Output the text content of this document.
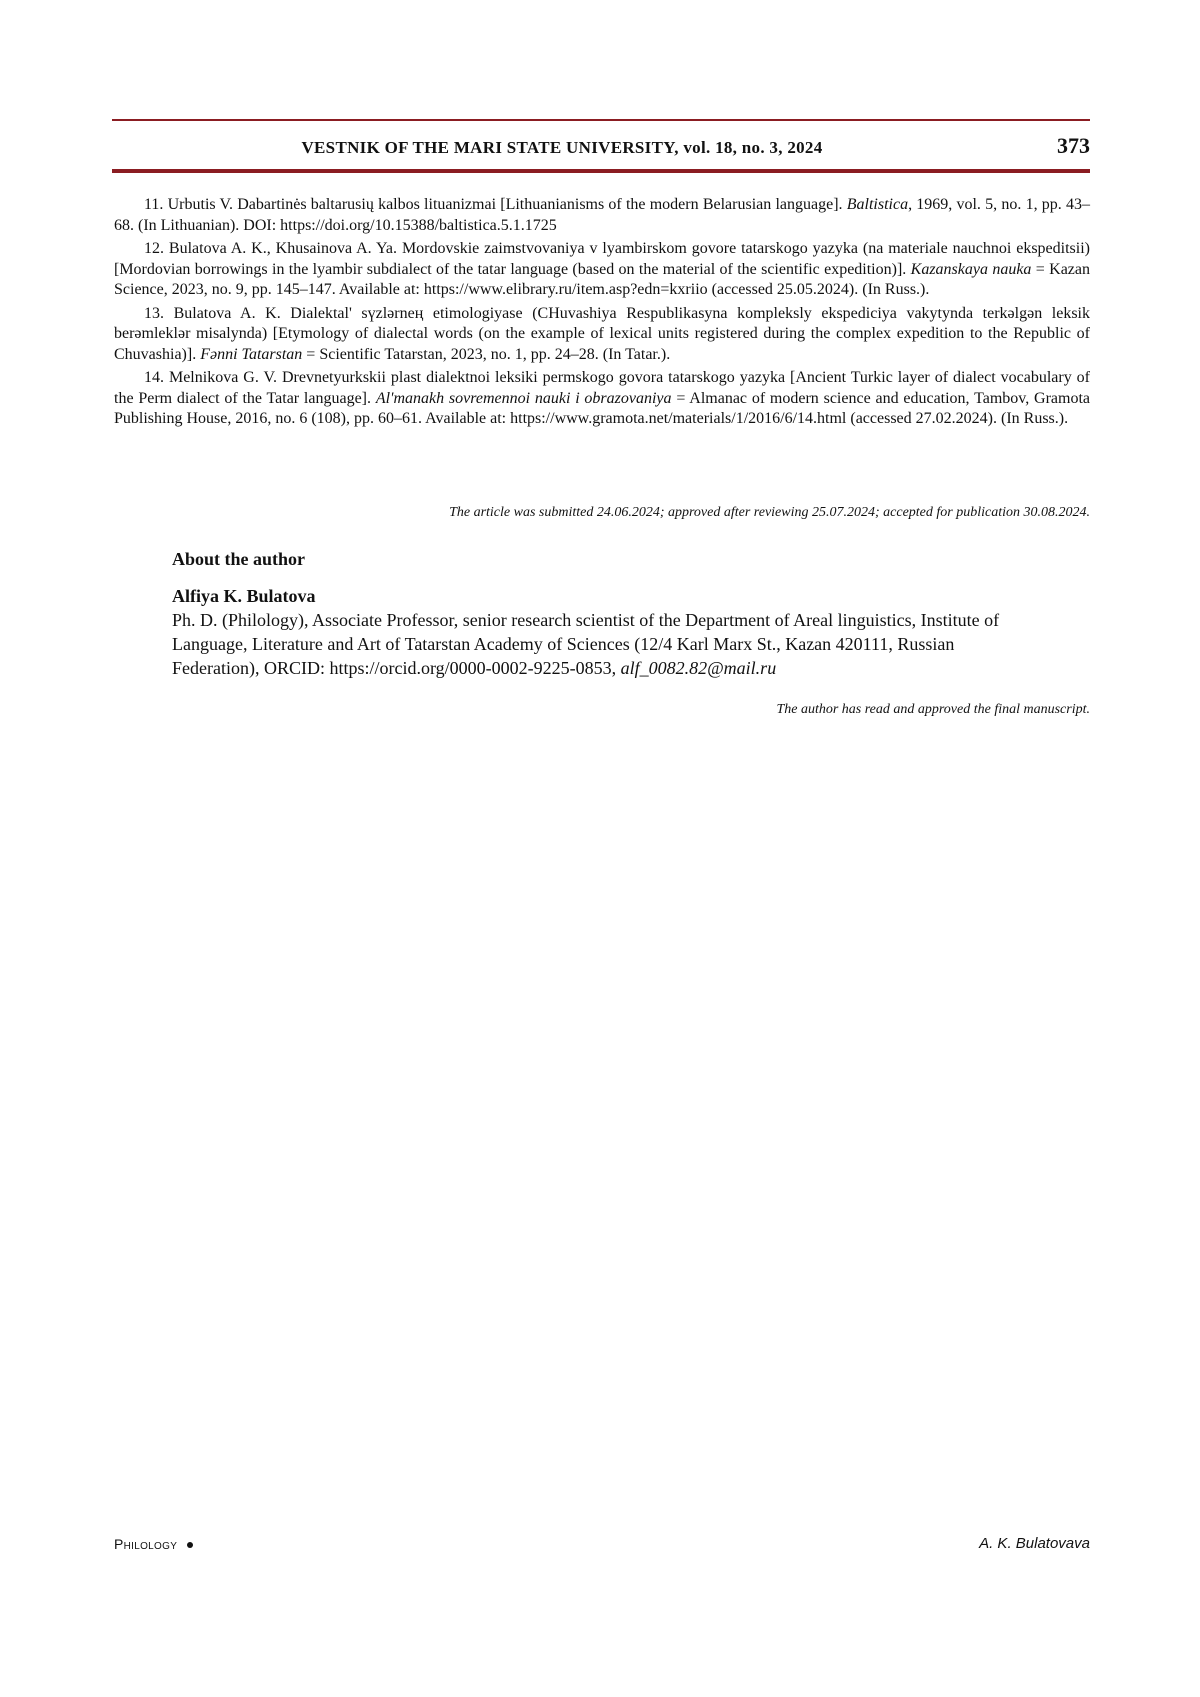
VESTNIK OF THE MARI STATE UNIVERSITY, vol. 18, no. 3, 2024	373

11. Urbutis V. Dabartinės baltarusių kalbos lituanizmai [Lithuanianisms of the modern Belarusian language]. Baltistica, 1969, vol. 5, no. 1, pp. 43–68. (In Lithuanian). DOI: https://doi.org/10.15388/baltistica.5.1.1725

12. Bulatova A. K., Khusainova A. Ya. Mordovskie zaimstvovaniya v lyambirskom govore tatarskogo yazyka (na materiale nauchnoi ekspeditsii) [Mordovian borrowings in the lyambir subdialect of the tatar language (based on the material of the scientific expedition)]. Kazanskaya nauka = Kazan Science, 2023, no. 9, pp. 145–147. Available at: https://www.elibrary.ru/item.asp?edn=kxriio (accessed 25.05.2024). (In Russ.).

13. Bulatova A. K. Dialektal' sүzlərneң etimologiyase (CHuvashiya Respublikasyna kompleksly ekspediciya vakytynda terkəlgən leksik berəmleklər misalynda) [Etymology of dialectal words (on the example of lexical units registered during the complex expedition to the Republic of Chuvashia)]. Fənni Tatarstan = Scientific Tatarstan, 2023, no. 1, pp. 24–28. (In Tatar.).

14. Melnikova G. V. Drevnetyurkskii plast dialektnoi leksiki permskogo govora tatarskogo yazyka [Ancient Turkic layer of dialect vocabulary of the Perm dialect of the Tatar language]. Al'manakh sovremennoi nauki i obrazovaniya = Almanac of modern science and education, Tambov, Gramota Publishing House, 2016, no. 6 (108), pp. 60–61. Available at: https://www.gramota.net/materials/1/2016/6/14.html (accessed 27.02.2024). (In Russ.).

The article was submitted 24.06.2024; approved after reviewing 25.07.2024; accepted for publication 30.08.2024.
About the author
Alfiya K. Bulatova
Ph. D. (Philology), Associate Professor, senior research scientist of the Department of Areal linguistics, Institute of Language, Literature and Art of Tatarstan Academy of Sciences (12/4 Karl Marx St., Kazan 420111, Russian Federation), ORCID: https://orcid.org/0000-0002-9225-0853, alf_0082.82@mail.ru
The author has read and approved the final manuscript.
Philology	A. K. Bulatovava
